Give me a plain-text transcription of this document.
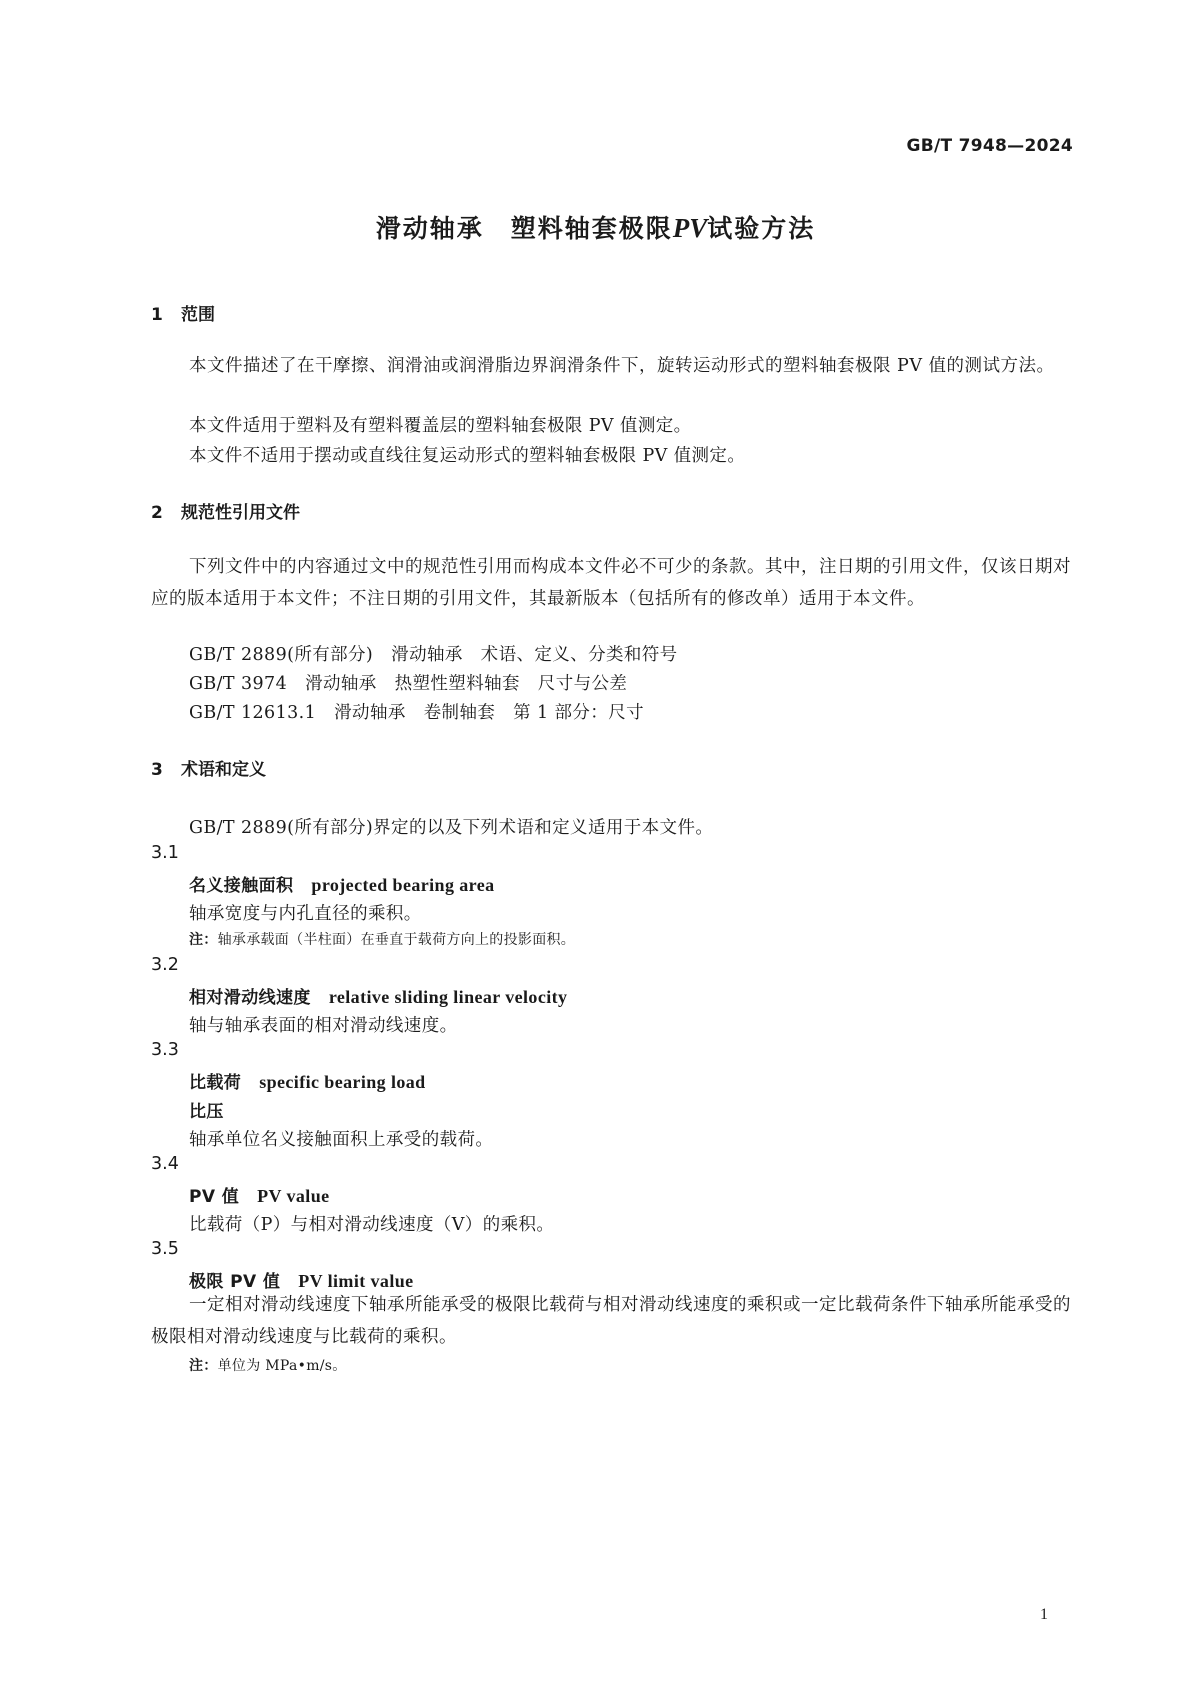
GB/T 7948—2024
滑动轴承　塑料轴套极限PV试验方法
1 范围
本文件描述了在干摩擦、润滑油或润滑脂边界润滑条件下，旋转运动形式的塑料轴套极限 PV 值的测试方法。
本文件适用于塑料及有塑料覆盖层的塑料轴套极限 PV 值测定。
本文件不适用于摆动或直线往复运动形式的塑料轴套极限 PV 值测定。
2 规范性引用文件
下列文件中的内容通过文中的规范性引用而构成本文件必不可少的条款。其中，注日期的引用文件，仅该日期对应的版本适用于本文件；不注日期的引用文件，其最新版本（包括所有的修改单）适用于本文件。
GB/T 2889(所有部分) 滑动轴承　术语、定义、分类和符号
GB/T 3974 滑动轴承　热塑性塑料轴套　尺寸与公差
GB/T 12613.1 滑动轴承　卷制轴套　第 1 部分：尺寸
3 术语和定义
GB/T 2889(所有部分)界定的以及下列术语和定义适用于本文件。
3.1
名义接触面积 projected bearing area
轴承宽度与内孔直径的乘积。
注：轴承承载面（半柱面）在垂直于载荷方向上的投影面积。
3.2
相对滑动线速度 relative sliding linear velocity
轴与轴承表面的相对滑动线速度。
3.3
比载荷 specific bearing load
比压
轴承单位名义接触面积上承受的载荷。
3.4
PV 值 PV value
比载荷（P）与相对滑动线速度（V）的乘积。
3.5
极限 PV 值 PV limit value
一定相对滑动线速度下轴承所能承受的极限比载荷与相对滑动线速度的乘积或一定比载荷条件下轴承所能承受的极限相对滑动线速度与比载荷的乘积。
注：单位为 MPa•m/s。
1
